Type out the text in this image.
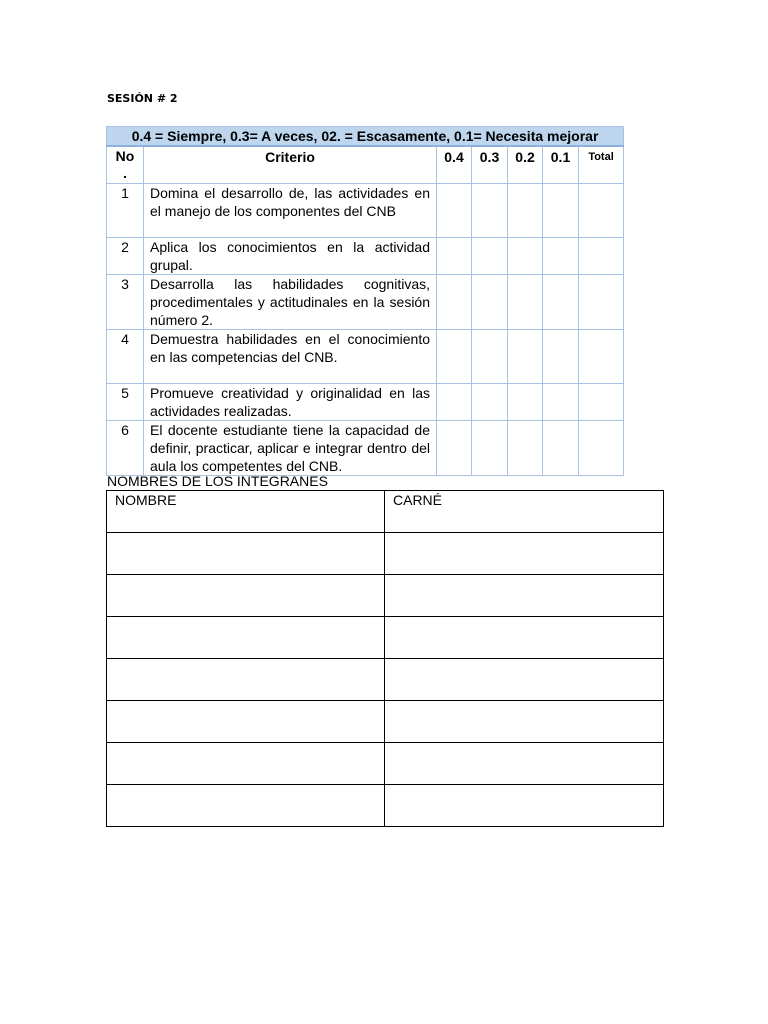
SESIÓN # 2
0.4 = Siempre, 0.3= A veces, 02. = Escasamente, 0.1= Necesita mejorar						
No
.	Criterio	0.4	0.3	0.2	0.1	Total
1	Domina el desarrollo de, las actividades en el manejo de los componentes del CNB					
2	Aplica los conocimientos en la actividad grupal.					
3	Desarrolla las habilidades cognitivas, procedimentales y actitudinales en la sesión número 2.					
4	Demuestra habilidades en el conocimiento en las competencias del CNB.					
5	Promueve creatividad y originalidad en las actividades realizadas.					
6	El docente estudiante tiene la capacidad de definir, practicar, aplicar e integrar dentro del aula los competentes del CNB.					
NOMBRES DE LOS INTEGRANES
NOMBRE	CARNÉ
